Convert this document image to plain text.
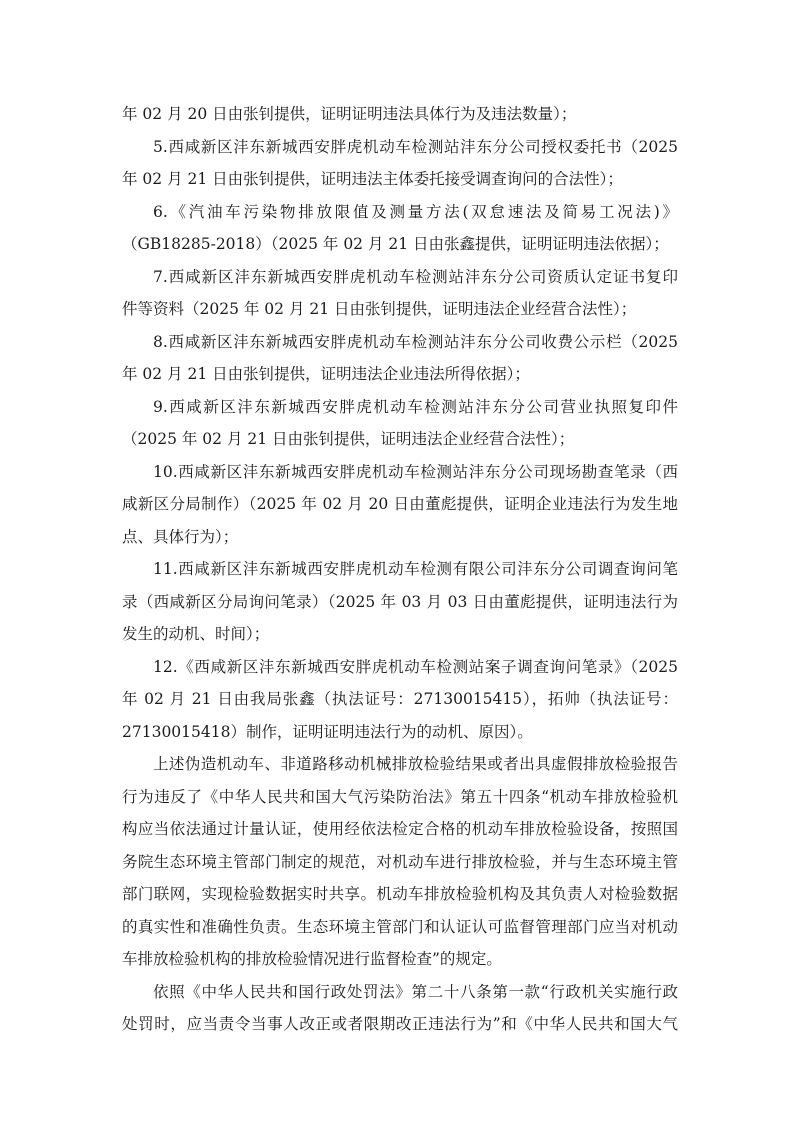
年 02 月 20 日由张钊提供，证明证明违法具体行为及违法数量）；
5.西咸新区沣东新城西安胖虎机动车检测站沣东分公司授权委托书（2025
年 02 月 21 日由张钊提供，证明违法主体委托接受调查询问的合法性）；
6.《汽油车污染物排放限值及测量方法(双怠速法及简易工况法)》
（GB18285-2018）（2025 年 02 月 21 日由张鑫提供，证明证明违法依据）；
7.西咸新区沣东新城西安胖虎机动车检测站沣东分公司资质认定证书复印
件等资料（2025 年 02 月 21 日由张钊提供，证明违法企业经营合法性）；
8.西咸新区沣东新城西安胖虎机动车检测站沣东分公司收费公示栏（2025
年 02 月 21 日由张钊提供，证明违法企业违法所得依据）；
9.西咸新区沣东新城西安胖虎机动车检测站沣东分公司营业执照复印件
（2025 年 02 月 21 日由张钊提供，证明违法企业经营合法性）；
10.西咸新区沣东新城西安胖虎机动车检测站沣东分公司现场勘查笔录（西
咸新区分局制作）（2025 年 02 月 20 日由董彪提供，证明企业违法行为发生地
点、具体行为）；
11.西咸新区沣东新城西安胖虎机动车检测有限公司沣东分公司调查询问笔
录（西咸新区分局询问笔录）（2025 年 03 月 03 日由董彪提供，证明违法行为
发生的动机、时间）；
12.《西咸新区沣东新城西安胖虎机动车检测站案子调查询问笔录》（2025
年 02 月 21 日由我局张鑫（执法证号：27130015415），拓帅（执法证号：
27130015418）制作，证明证明违法行为的动机、原因）。
上述伪造机动车、非道路移动机械排放检验结果或者出具虚假排放检验报告
行为违反了《中华人民共和国大气污染防治法》第五十四条“机动车排放检验机
构应当依法通过计量认证，使用经依法检定合格的机动车排放检验设备，按照国
务院生态环境主管部门制定的规范，对机动车进行排放检验，并与生态环境主管
部门联网，实现检验数据实时共享。机动车排放检验机构及其负责人对检验数据
的真实性和准确性负责。生态环境主管部门和认证认可监督管理部门应当对机动
车排放检验机构的排放检验情况进行监督检查”的规定。
依照《中华人民共和国行政处罚法》第二十八条第一款“行政机关实施行政
处罚时，应当责令当事人改正或者限期改正违法行为”和《中华人民共和国大气
